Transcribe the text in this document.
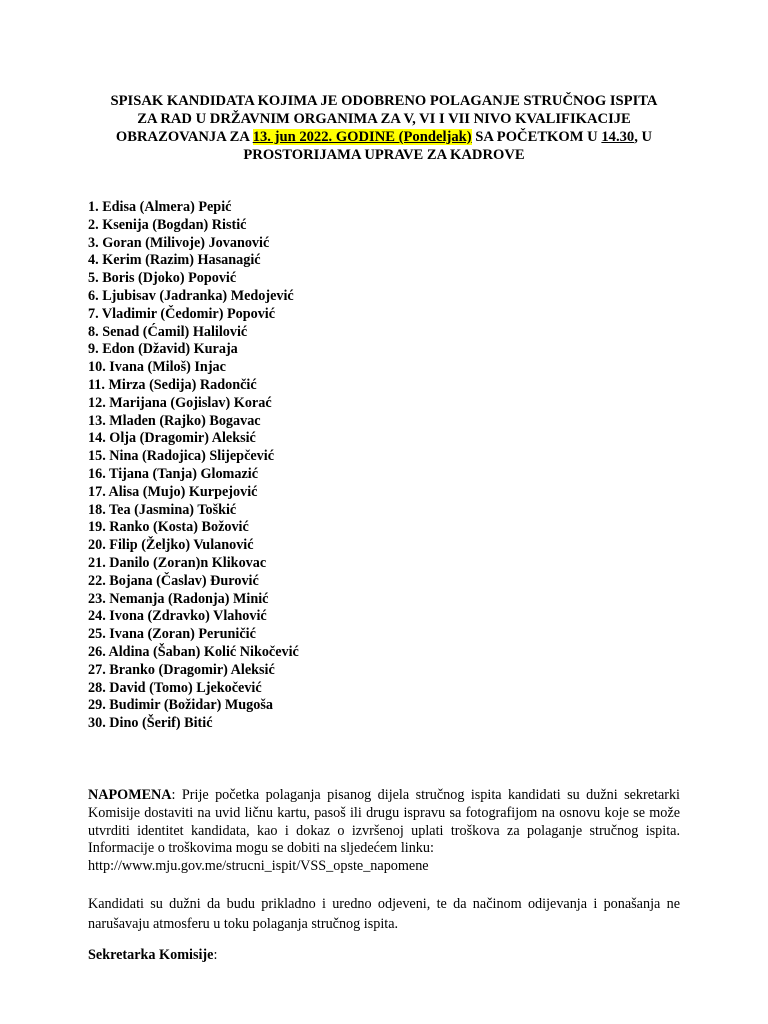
SPISAK KANDIDATA KOJIMA JE ODOBRENO POLAGANJE STRUČNOG ISPITA
ZA RAD U DRŽAVNIM ORGANIMA ZA V, VI I VII NIVO KVALIFIKACIJE
OBRAZOVANJA ZA 13. jun 2022. GODINE (Pondeljak) SA POČETKOM U 14.30, U
PROSTORIJAMA UPRAVE ZA KADROVE
1. Edisa (Almera) Pepić
2. Ksenija (Bogdan) Ristić
3. Goran (Milivoje) Jovanović
4. Kerim (Razim) Hasanagić
5. Boris (Djoko) Popović
6. Ljubisav (Jadranka) Medojević
7. Vladimir (Čedomir) Popović
8. Senad (Ćamil) Halilović
9. Edon (Džavid) Kuraja
10. Ivana (Miloš) Injac
11. Mirza (Sedija) Radončić
12. Marijana (Gojislav) Korać
13. Mladen (Rajko) Bogavac
14. Olja (Dragomir) Aleksić
15. Nina (Radojica) Slijepčević
16. Tijana (Tanja) Glomazić
17. Alisa (Mujo) Kurpejović
18. Tea (Jasmina) Toškić
19. Ranko (Kosta) Božović
20. Filip (Željko) Vulanović
21. Danilo (Zoran)n Klikovac
22. Bojana (Časlav) Đurović
23. Nemanja (Radonja) Minić
24. Ivona (Zdravko) Vlahović
25. Ivana (Zoran) Peruničić
26. Aldina (Šaban) Kolić Nikočević
27. Branko (Dragomir) Aleksić
28. David (Tomo) Ljekočević
29. Budimir (Božidar) Mugoša
30. Dino (Šerif) Bitić
NAPOMENA: Prije početka polaganja pisanog dijela stručnog ispita kandidati su dužni sekretarki Komisije dostaviti na uvid ličnu kartu, pasoš ili drugu ispravu sa fotografijom na osnovu koje se može utvrditi identitet kandidata, kao i dokaz o izvršenoj uplati troškova za polaganje stručnog ispita. Informacije o troškovima mogu se dobiti na sljedećem linku:
http://www.mju.gov.me/strucni_ispit/VSS_opste_napomene
Kandidati su dužni da budu prikladno i uredno odjeveni, te da načinom odijevanja i ponašanja ne narušavaju atmosferu u toku polaganja stručnog ispita.
Sekretarka Komisije:
